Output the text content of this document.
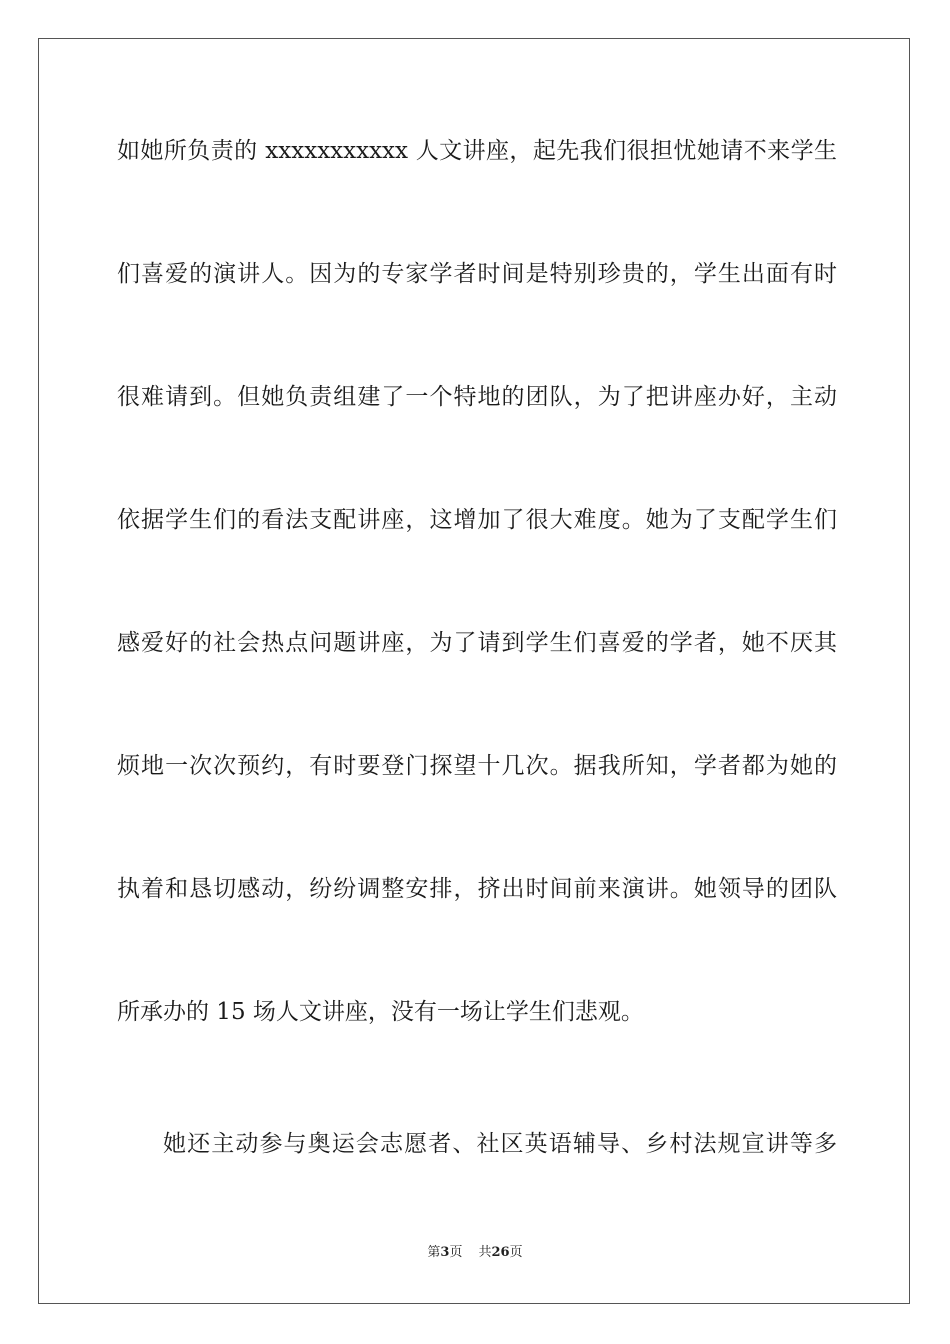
如她所负责的 xxxxxxxxxxx 人文讲座，起先我们很担忧她请不来学生
们喜爱的演讲人。因为的专家学者时间是特别珍贵的，学生出面有时
很难请到。但她负责组建了一个特地的团队，为了把讲座办好，主动
依据学生们的看法支配讲座，这增加了很大难度。她为了支配学生们
感爱好的社会热点问题讲座，为了请到学生们喜爱的学者，她不厌其
烦地一次次预约，有时要登门探望十几次。据我所知，学者都为她的
执着和恳切感动，纷纷调整安排，挤出时间前来演讲。她领导的团队
所承办的 15 场人文讲座，没有一场让学生们悲观。
她还主动参与奥运会志愿者、社区英语辅导、乡村法规宣讲等多
第3页 共26页
